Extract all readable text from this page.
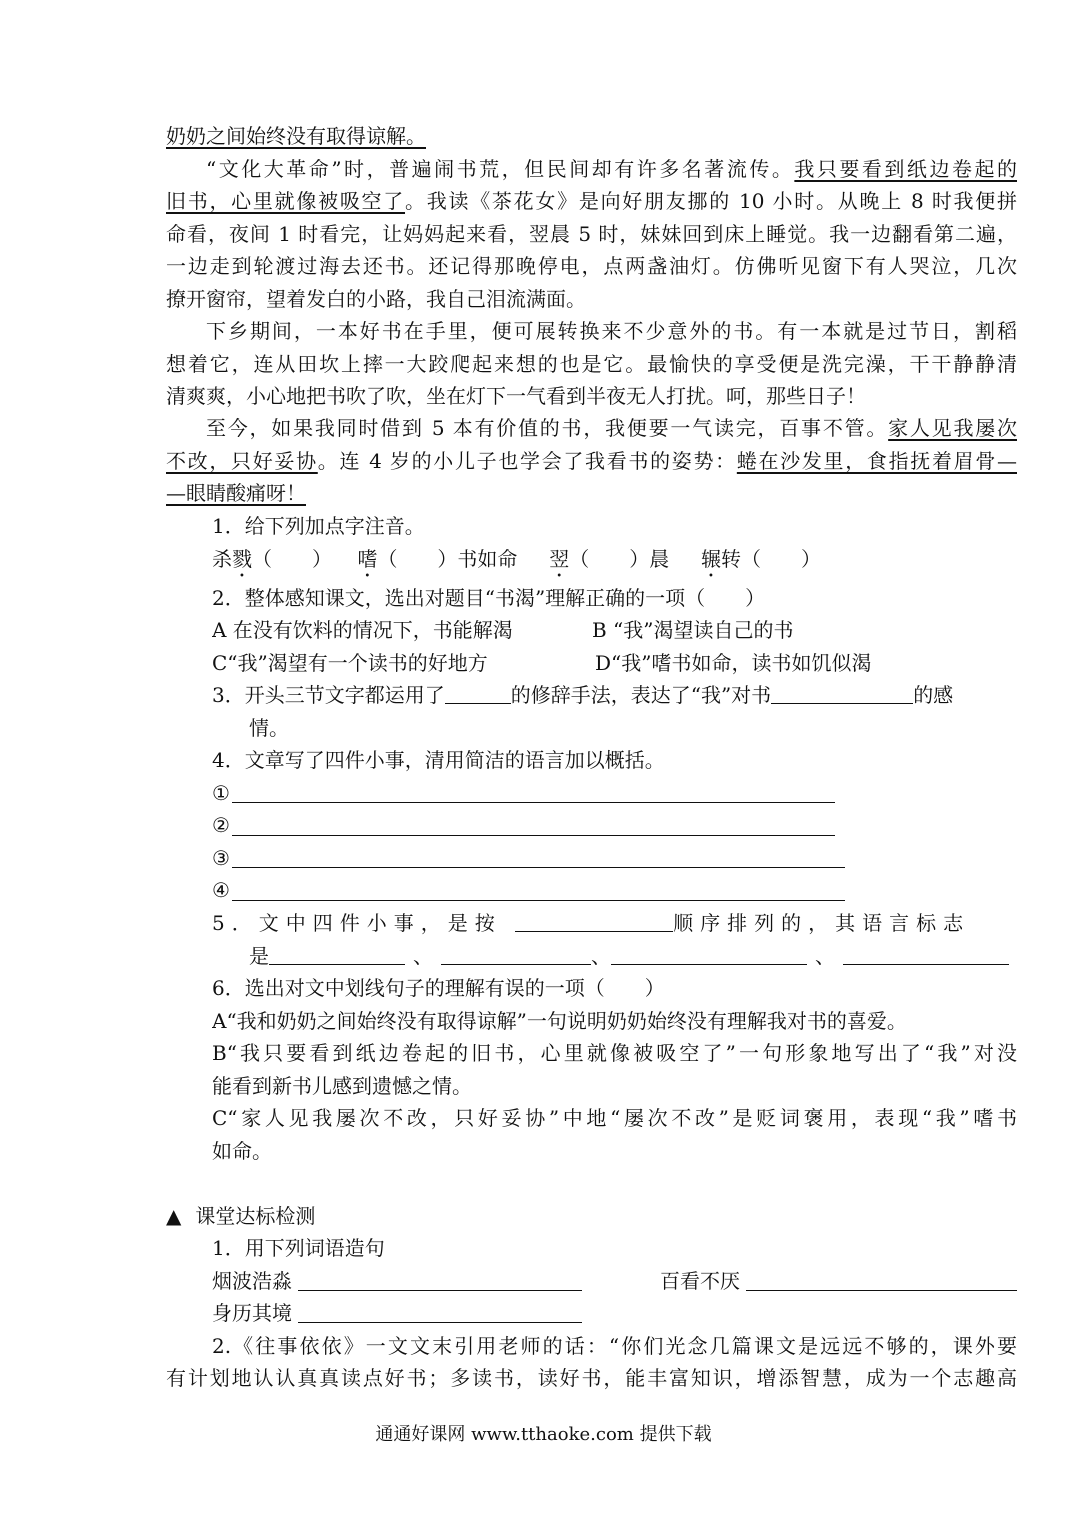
奶奶之间始终没有取得谅解。
“文化大革命”时，普遍闹书荒，但民间却有许多名著流传。我只要看到纸边卷起的
旧书，心里就像被吸空了。我读《茶花女》是向好朋友挪的 10 小时。从晚上 8 时我便拼
命看，夜间 1 时看完，让妈妈起来看，翌晨 5 时，妹妹回到床上睡觉。我一边翻看第二遍，
一边走到轮渡过海去还书。还记得那晚停电，点两盏油灯。仿佛听见窗下有人哭泣，几次
撩开窗帘，望着发白的小路，我自己泪流满面。
下乡期间，一本好书在手里，便可展转换来不少意外的书。有一本就是过节日，割稻
想着它，连从田坎上摔一大跤爬起来想的也是它。最愉快的享受便是洗完澡，干干静静清
清爽爽，小心地把书吹了吹，坐在灯下一气看到半夜无人打扰。呵，那些日子！
至今，如果我同时借到 5 本有价值的书，我便要一气读完，百事不管。家人见我屡次
不改，只好妥协。连 4 岁的小儿子也学会了我看书的姿势：蜷在沙发里，食指抚着眉骨—
—眼睛酸痛呀！
1．给下列加点字注音。
杀戮（　　） 嗜（　　）书如命 翌（　　）晨 辗转（　　）
2．整体感知课文，选出对题目“书渴”理解正确的一项（　　）
A 在没有饮料的情况下，书能解渴	B “我”渴望读自己的书
C“我”渴望有一个读书的好地方	D“我”嗜书如命，读书如饥似渴
3．开头三节文字都运用了	的修辞手法，表达了“我”对书	的感
情。
4．文章写了四件小事，清用简洁的语言加以概括。
①
②
③
④
5．文中四件小事，是按	顺序排列的，其语言标志
是	、	、	、
6．选出对文中划线句子的理解有误的一项（　　）
A“我和奶奶之间始终没有取得谅解”一句说明奶奶始终没有理解我对书的喜爱。
B“我只要看到纸边卷起的旧书，心里就像被吸空了”一句形象地写出了“我”对没
能看到新书儿感到遗憾之情。
C“家人见我屡次不改，只好妥协”中地“屡次不改”是贬词褒用，表现“我”嗜书
如命。
▲ 课堂达标检测
1．用下列词语造句
烟波浩淼	百看不厌
身历其境
2.《往事依依》一文文末引用老师的话：“你们光念几篇课文是远远不够的，课外要
有计划地认认真真读点好书；多读书，读好书，能丰富知识，增添智慧，成为一个志趣高
通通好课网 www.tthaoke.com 提供下载
